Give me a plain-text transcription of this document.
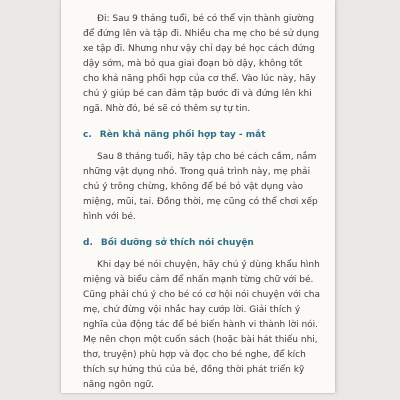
Đi: Sau 9 tháng tuổi, bé có thể vịn thành giường để đứng lên và tập đi. Nhiều cha mẹ cho bé sử dụng xe tập đi. Nhưng như vậy chỉ dạy bé học cách đứng dậy sớm, mà bỏ qua giai đoạn bò dậy, không tốt cho khả năng phối hợp của cơ thể. Vào lúc này, hãy chú ý giúp bé can đảm tập bước đi và đứng lên khi ngã. Nhờ đó, bé sẽ có thêm sự tự tin.

c. Rèn khả năng phối hợp tay - mắt

Sau 8 tháng tuổi, hãy tập cho bé cách cầm, nắm những vật dụng nhỏ. Trong quá trình này, mẹ phải chú ý trông chừng, không để bé bỏ vật dụng vào miệng, mũi, tai. Đồng thời, mẹ cũng có thể chơi xếp hình với bé.

d. Bồi dưỡng sở thích nói chuyện

Khi dạy bé nói chuyện, hãy chú ý dùng khẩu hình miệng và biểu cảm để nhấn mạnh từng chữ với bé. Cũng phải chú ý cho bé có cơ hội nói chuyện với cha mẹ, chứ đừng vội nhắc hay cướp lời. Giải thích ý nghĩa của động tác để bé biến hành vi thành lời nói. Mẹ nên chọn một cuốn sách (hoặc bài hát thiếu nhi, thơ, truyện) phù hợp và đọc cho bé nghe, để kích thích sự hứng thú của bé, đồng thời phát triển kỹ năng ngôn ngữ.
